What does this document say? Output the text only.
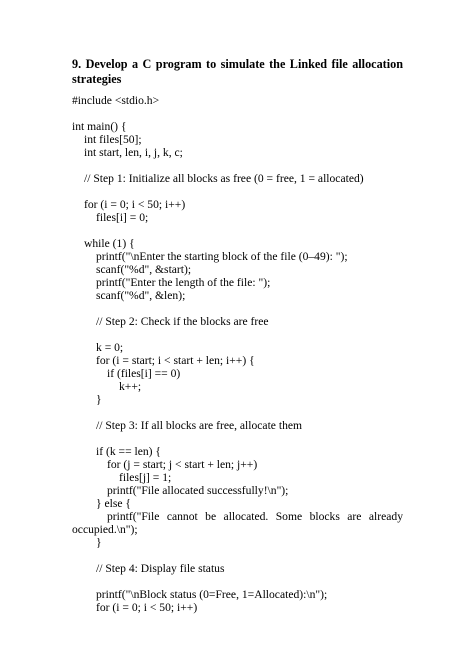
9. Develop a C program to simulate the Linked file allocation strategies
#include <stdio.h>
int main() {
int files[50];
int start, len, i, j, k, c;
// Step 1: Initialize all blocks as free (0 = free, 1 = allocated)
for (i = 0; i < 50; i++)
files[i] = 0;
while (1) {
printf("\nEnter the starting block of the file (0–49): ");
scanf("%d", &start);
printf("Enter the length of the file: ");
scanf("%d", &len);
// Step 2: Check if the blocks are free
k = 0;
for (i = start; i < start + len; i++) {
if (files[i] == 0)
k++;
}
// Step 3: If all blocks are free, allocate them
if (k == len) {
for (j = start; j < start + len; j++)
files[j] = 1;
printf("File allocated successfully!\n");
} else {
printf("File cannot be allocated. Some blocks are already
occupied.\n");
}
// Step 4: Display file status
printf("\nBlock status (0=Free, 1=Allocated):\n");
for (i = 0; i < 50; i++)
